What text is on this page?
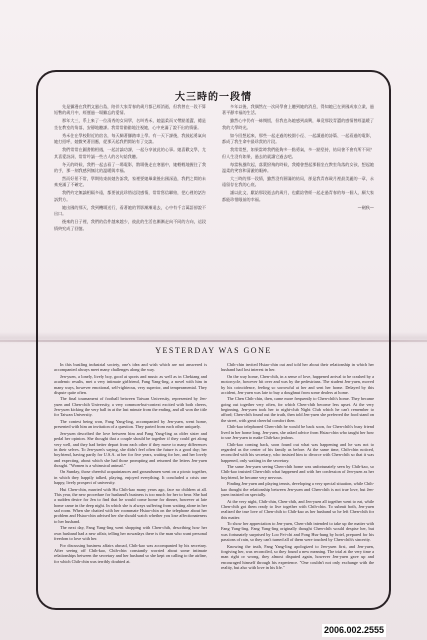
大三時的一段情

先是彌漫在我們文風台島，陪伴大家青春的歲月都已經消逝，但我曾在一段不算短暫的歲月中，經歷過一場難忘的愛情。

那年大三，系上來了一位清秀的女同學，名叫秀禾，她溫柔而又帶點羞澀，總是坐在教室的角落，安靜地聽課。我常常偷偷地注視她，心中充滿了說不出的情愫。

秀禾住在學校附近的宿舍，每天騎著腳踏車上學。有一天下課後，我鼓起勇氣向她打招呼，她微笑著回應，從那天起我們開始有了交談。

我們常常在圖書館相遇，一起討論功課，一起分享彼此的心事。她喜歡文學，尤其喜愛詩詞，常常吟誦一些古人的名句給我聽。

冬天的時候，我們一起去看了一場電影，散場後走在寒風中，她輕輕地握住了我的手，那一刻我感到無比的溫暖與幸福。

然而好景不常，學期結束前她告訴我，家裡要她畢業後出國深造，我們之間的未來充滿了不確定。

我們約定無論相隔多遠，都要彼此珍惜這段感情，常常寫信聯絡，把心裡的話告訴對方。

她出國的那天，我到機場送行，看著她的背影漸漸遠去，心中有千言萬語卻說不出口。

後來的日子裡，我們的信件越來越少，彼此的生活也漸漸走向不同的方向，這段情終究成了回憶。

多年以後，我偶然在一次同學會上聽到她的消息，得知她已在異國成家立業，過著平靜幸福的生活。

雖然心中仍有一絲惆悵，但我也為她感到高興，畢竟那段青澀的感情曾經溫暖了我的大學時光。

如今回想起來，那些一起走過的校園小徑、一起讀過的詩篇、一起看過的電影，都成了我生命中最珍貴的片段。

我常常想，如果當時我們能夠多一點勇氣，多一點堅持，結局會不會有所不同？但人生沒有如果，過去的就讓它過去吧。

每當秋風吹起，落葉紛飛的時候，我總會想起那個坐在教室角落的女孩，想起她溫柔的笑容和清澈的眼神。

大三時的那一段情，雖然沒有圓滿的結局，卻是我青春歲月裡最美麗的一章，永遠留存在我的心底。

謹以此文，獻給那段逝去的歲月，也獻給曾經一起走過青春的每一個人，願大家都能珍惜眼前的幸福。

—劍秋—
YESTERDAY WAS GONE

In this bustling industrial society, one's idea and wish which are not answered is accompanied always meet many challenges along the way.

Jen-yuen, a lonely, lively boy, good at sports and music as well as in Chekiang and academic results, met a very intimate girlfriend, Fang Yang-ling, a novel with him in many ways, however emotional, self-righteous, very superior, and temperamental. They dispute quite often.

The final tournament of football between Taiwan University, represented by Jen-yuen and Chen-chih University, a very common-but-context excited with both cheers, Jen-yuen kicking the very ball in at the last minute from the ending, and all won the title for Taiwan University.

The contest being won, Fang Yang-ling, accompanied by Jen-yuen, went home, presented with him an invitation of a question. They parted from each other uniquely.

Jen-yuen described the love between him and Fang Yang-ling as older sister and pedal her opinion. She thought that a couple should be together if they could get along very well, and they had better depart from each other if they move to many differences in their selves. To Jen-yuen's saying, she didn't feel often the future is a good day; her boyfriend, having partly for U.S.A. at her for five years, waiting for her, and her lovely and expecting, about which she had those prompting and returned the letters Jen-yuen thought. "Women is a whimsical animal."

On Sunday, those cheerful acquaintances and groundsmen went on a picnic together, in which they happily talked, playing, enjoyed everything. It concluded a crisis one happy, lively prospect of university.

Hui Chen-chin, married with Hu Chih-kao many years ago, face no children at all. This year, the new procedure for husband's business is too much for her to bear. She had a sudden desire for Jen to find that he would come home for dinner, however at late home came in the deep night. In which she is always suffering from waiting alone in her sad room. When she chatted with her roommate Hsiao-chin on the telephone about her problem and Hsiao-chin advised her she should watch whether you lose affectionateness to her husband.

The next day, Fang Yang-ling went shopping with Chen-chih, describing how her own husband had a new affair, telling her nowadays there is the man who want personal freedom to love with her.

For discussing business affairs abroad, Chih-kao was accompanied by his secretary. After seeing off Chih-kao, Chih-chin constantly worried about some intimate relationships between the secretary and her husband so she kept on calling to the airline, for which Chih-chin was terribly doubted at.

Chih-chin invited Hsiao-chin out and told her about their relationship in which her husband had lost interest in her.

On the way home, Chen-chih, in a sense of love, happened arrival to be crashed by a motorcycle, however hit over and was by the pedestrians. The student Jen-yuen, moved by his coincidence, feeling so sorrowful at her and sent her home. Delayed by this accident, Jen-yuen was late to buy a doughnut from some dealers at home.

The Chen Chih-chin, then, came more frequently to Chen-chih's home. They became going out together very often, for which Chen-chih become less upset. At the very beginning, Jen-yuen took her to night-club Night Club which he can't remember to afford; Chen-chih found out the truth, then told Jen-yuen she preferred the food stand on the street, with great cheerful comfort then.

Chih-kao telephoned Chen-chih he would be back soon, for Chen-chih's busy friend lived in her home long. Jen-yuen, she asked advice from Hsiao-chin who taught her how to use Jen-yuen to make Chih-kao jealous.

Chih-kao coming back, soon found out what was happening and he was not to regarded as the center of his family as before. At the same time, Chih-chin noticed, reconciled with his secretary, who insisted him to divorce with Chen-chih so that it was happened, only waiting in the secretary.

The same Jen-yuen seeing Chen-chih home was unfortunately seen by Chih-kao, so Chih-kao insisted Chen-chih what happened and with her confession of Jen-yuen as her boyfriend, he became very nervous.

Finding Jen-yuen and playing tennis, developing a very special situation, while Chih-kao thought the relationship between Jen-yuen and Chen-chih is not true love, but Jen-yuen insisted on specially.

At the very night, Chih-chin, Chen-chih, and Jen-yuen all together went to eat, while Chen-chih got them ready to live together with Chih-chin. To submit both, Jen-yuen realized the true love of Chen-chih to Chih-kao as her husband so he left Chen-chih for this matter.

To show her appreciation to Jen-yuen, Chen-chih intended to take up the matter with Fang Yang-ling. Fang Yang-ling originally thought Chen-chih would despise her, but was fortunately surprised by Loo Fei-chi and Fong Hsu-hung by hotel, prepared for his passions of rain, so they can't turned all of them were touched by Chen-chih's sincerity.

Knowing the truth, Fang Yang-ling apologized to Jen-yuen first, and Jen-yuen, forgiving her, was reconciled, so they found a new meaning. The trial at the very time a man right or wrong, they almost disputed again, however Jen-yuen gave up and encouraged himself through his experience. "One couldn't not only exchange with the reality, but also with love in his life."

2006.002.2555
